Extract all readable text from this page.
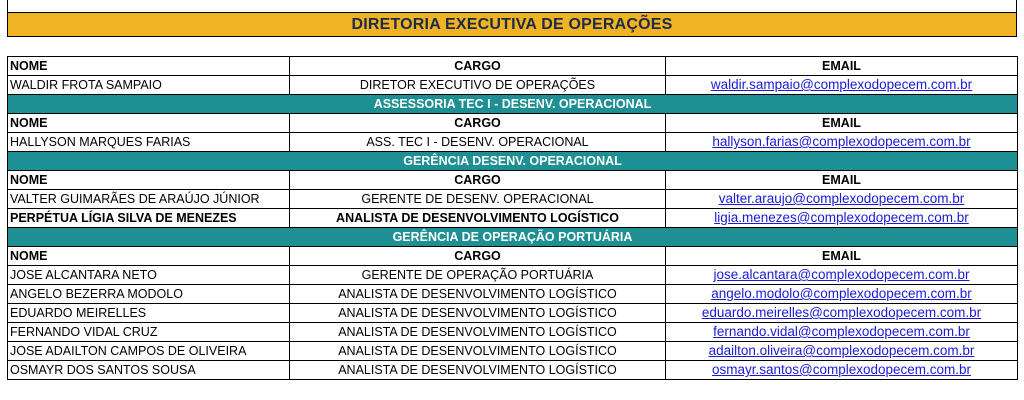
DIRETORIA EXECUTIVA DE OPERAÇÕES
NOME	CARGO	EMAIL
WALDIR FROTA SAMPAIO	DIRETOR EXECUTIVO DE OPERAÇÕES	waldir.sampaio@complexodopecem.com.br
ASSESSORIA TEC I - DESENV. OPERACIONAL		
NOME	CARGO	EMAIL
HALLYSON MARQUES FARIAS	ASS. TEC I - DESENV. OPERACIONAL	hallyson.farias@complexodopecem.com.br
GERÊNCIA DESENV. OPERACIONAL		
NOME	CARGO	EMAIL
VALTER GUIMARÃES DE ARAÚJO JÚNIOR	GERENTE DE DESENV. OPERACIONAL	valter.araujo@complexodopecem.com.br
PERPÉTUA LÍGIA SILVA DE MENEZES	ANALISTA DE DESENVOLVIMENTO LOGÍSTICO	ligia.menezes@complexodopecem.com.br
GERÊNCIA DE OPERAÇÃO PORTUÁRIA		
NOME	CARGO	EMAIL
JOSE ALCANTARA NETO	GERENTE DE OPERAÇÃO PORTUÁRIA	jose.alcantara@complexodopecem.com.br
ANGELO BEZERRA MODOLO	ANALISTA DE DESENVOLVIMENTO LOGÍSTICO	angelo.modolo@complexodopecem.com.br
EDUARDO MEIRELLES	ANALISTA DE DESENVOLVIMENTO LOGÍSTICO	eduardo.meirelles@complexodopecem.com.br
FERNANDO VIDAL CRUZ	ANALISTA DE DESENVOLVIMENTO LOGÍSTICO	fernando.vidal@complexodopecem.com.br
JOSE ADAILTON CAMPOS DE OLIVEIRA	ANALISTA DE DESENVOLVIMENTO LOGÍSTICO	adailton.oliveira@complexodopecem.com.br
OSMAYR DOS SANTOS SOUSA	ANALISTA DE DESENVOLVIMENTO LOGÍSTICO	osmayr.santos@complexodopecem.com.br
